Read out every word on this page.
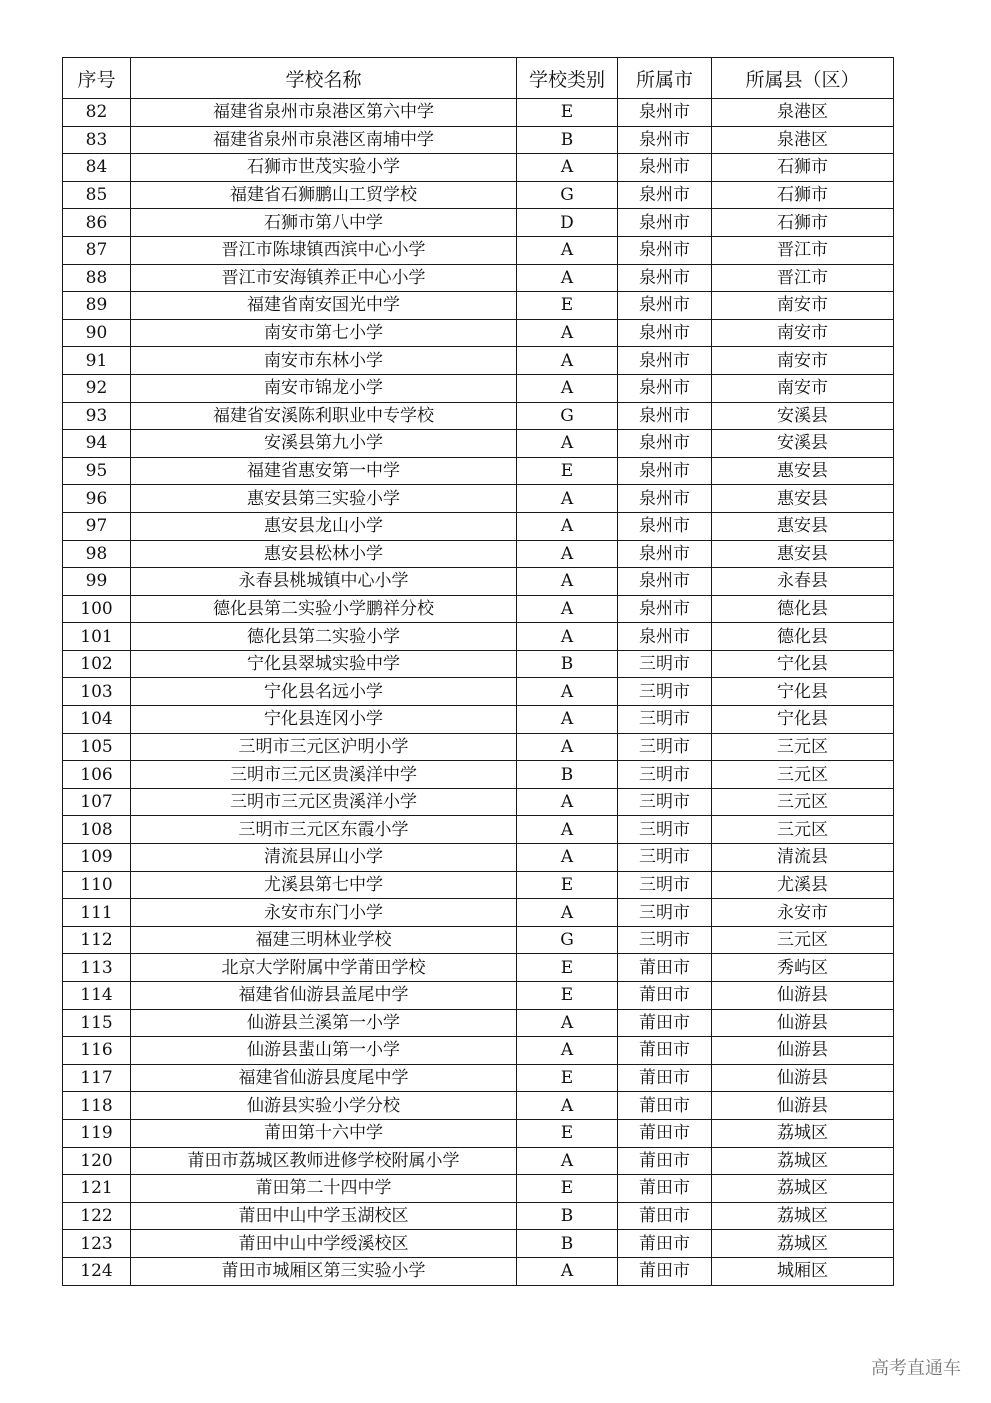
序号	学校名称	学校类别	所属市	所属县（区）
82	福建省泉州市泉港区第六中学	E	泉州市	泉港区
83	福建省泉州市泉港区南埔中学	B	泉州市	泉港区
84	石狮市世茂实验小学	A	泉州市	石狮市
85	福建省石狮鹏山工贸学校	G	泉州市	石狮市
86	石狮市第八中学	D	泉州市	石狮市
87	晋江市陈埭镇西滨中心小学	A	泉州市	晋江市
88	晋江市安海镇养正中心小学	A	泉州市	晋江市
89	福建省南安国光中学	E	泉州市	南安市
90	南安市第七小学	A	泉州市	南安市
91	南安市东林小学	A	泉州市	南安市
92	南安市锦龙小学	A	泉州市	南安市
93	福建省安溪陈利职业中专学校	G	泉州市	安溪县
94	安溪县第九小学	A	泉州市	安溪县
95	福建省惠安第一中学	E	泉州市	惠安县
96	惠安县第三实验小学	A	泉州市	惠安县
97	惠安县龙山小学	A	泉州市	惠安县
98	惠安县松林小学	A	泉州市	惠安县
99	永春县桃城镇中心小学	A	泉州市	永春县
100	德化县第二实验小学鹏祥分校	A	泉州市	德化县
101	德化县第二实验小学	A	泉州市	德化县
102	宁化县翠城实验中学	B	三明市	宁化县
103	宁化县名远小学	A	三明市	宁化县
104	宁化县连冈小学	A	三明市	宁化县
105	三明市三元区沪明小学	A	三明市	三元区
106	三明市三元区贵溪洋中学	B	三明市	三元区
107	三明市三元区贵溪洋小学	A	三明市	三元区
108	三明市三元区东霞小学	A	三明市	三元区
109	清流县屏山小学	A	三明市	清流县
110	尤溪县第七中学	E	三明市	尤溪县
111	永安市东门小学	A	三明市	永安市
112	福建三明林业学校	G	三明市	三元区
113	北京大学附属中学莆田学校	E	莆田市	秀屿区
114	福建省仙游县盖尾中学	E	莆田市	仙游县
115	仙游县兰溪第一小学	A	莆田市	仙游县
116	仙游县蜚山第一小学	A	莆田市	仙游县
117	福建省仙游县度尾中学	E	莆田市	仙游县
118	仙游县实验小学分校	A	莆田市	仙游县
119	莆田第十六中学	E	莆田市	荔城区
120	莆田市荔城区教师进修学校附属小学	A	莆田市	荔城区
121	莆田第二十四中学	E	莆田市	荔城区
122	莆田中山中学玉湖校区	B	莆田市	荔城区
123	莆田中山中学绶溪校区	B	莆田市	荔城区
124	莆田市城厢区第三实验小学	A	莆田市	城厢区
高考直通车
